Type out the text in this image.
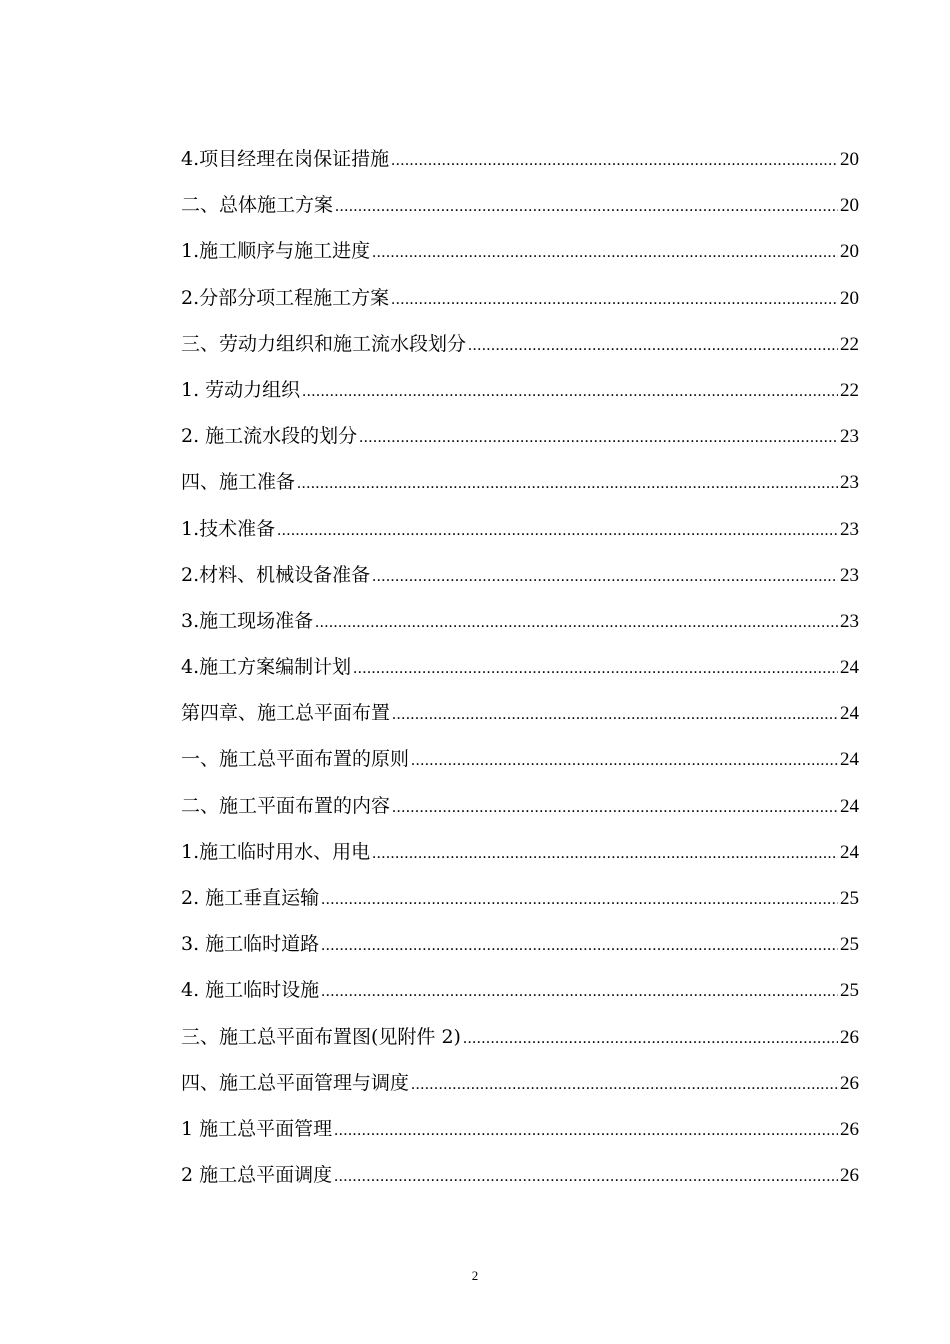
4.项目经理在岗保证措施 .....	20
二、总体施工方案 .....	20
1.施工顺序与施工进度 .....	20
2.分部分项工程施工方案 .....	20
三、劳动力组织和施工流水段划分 .....	22
1. 劳动力组织 .....	22
2. 施工流水段的划分 .....	23
四、施工准备 .....	23
1.技术准备 .....	23
2.材料、机械设备准备 .....	23
3.施工现场准备 .....	23
4.施工方案编制计划 .....	24
第四章、施工总平面布置 .....	24
一、施工总平面布置的原则 .....	24
二、施工平面布置的内容 .....	24
1.施工临时用水、用电 .....	24
2. 施工垂直运输 .....	25
3. 施工临时道路 .....	25
4. 施工临时设施 .....	25
三、施工总平面布置图(见附件 2) .....	26
四、施工总平面管理与调度 .....	26
1 施工总平面管理 .....	26
2 施工总平面调度 .....	26
2
